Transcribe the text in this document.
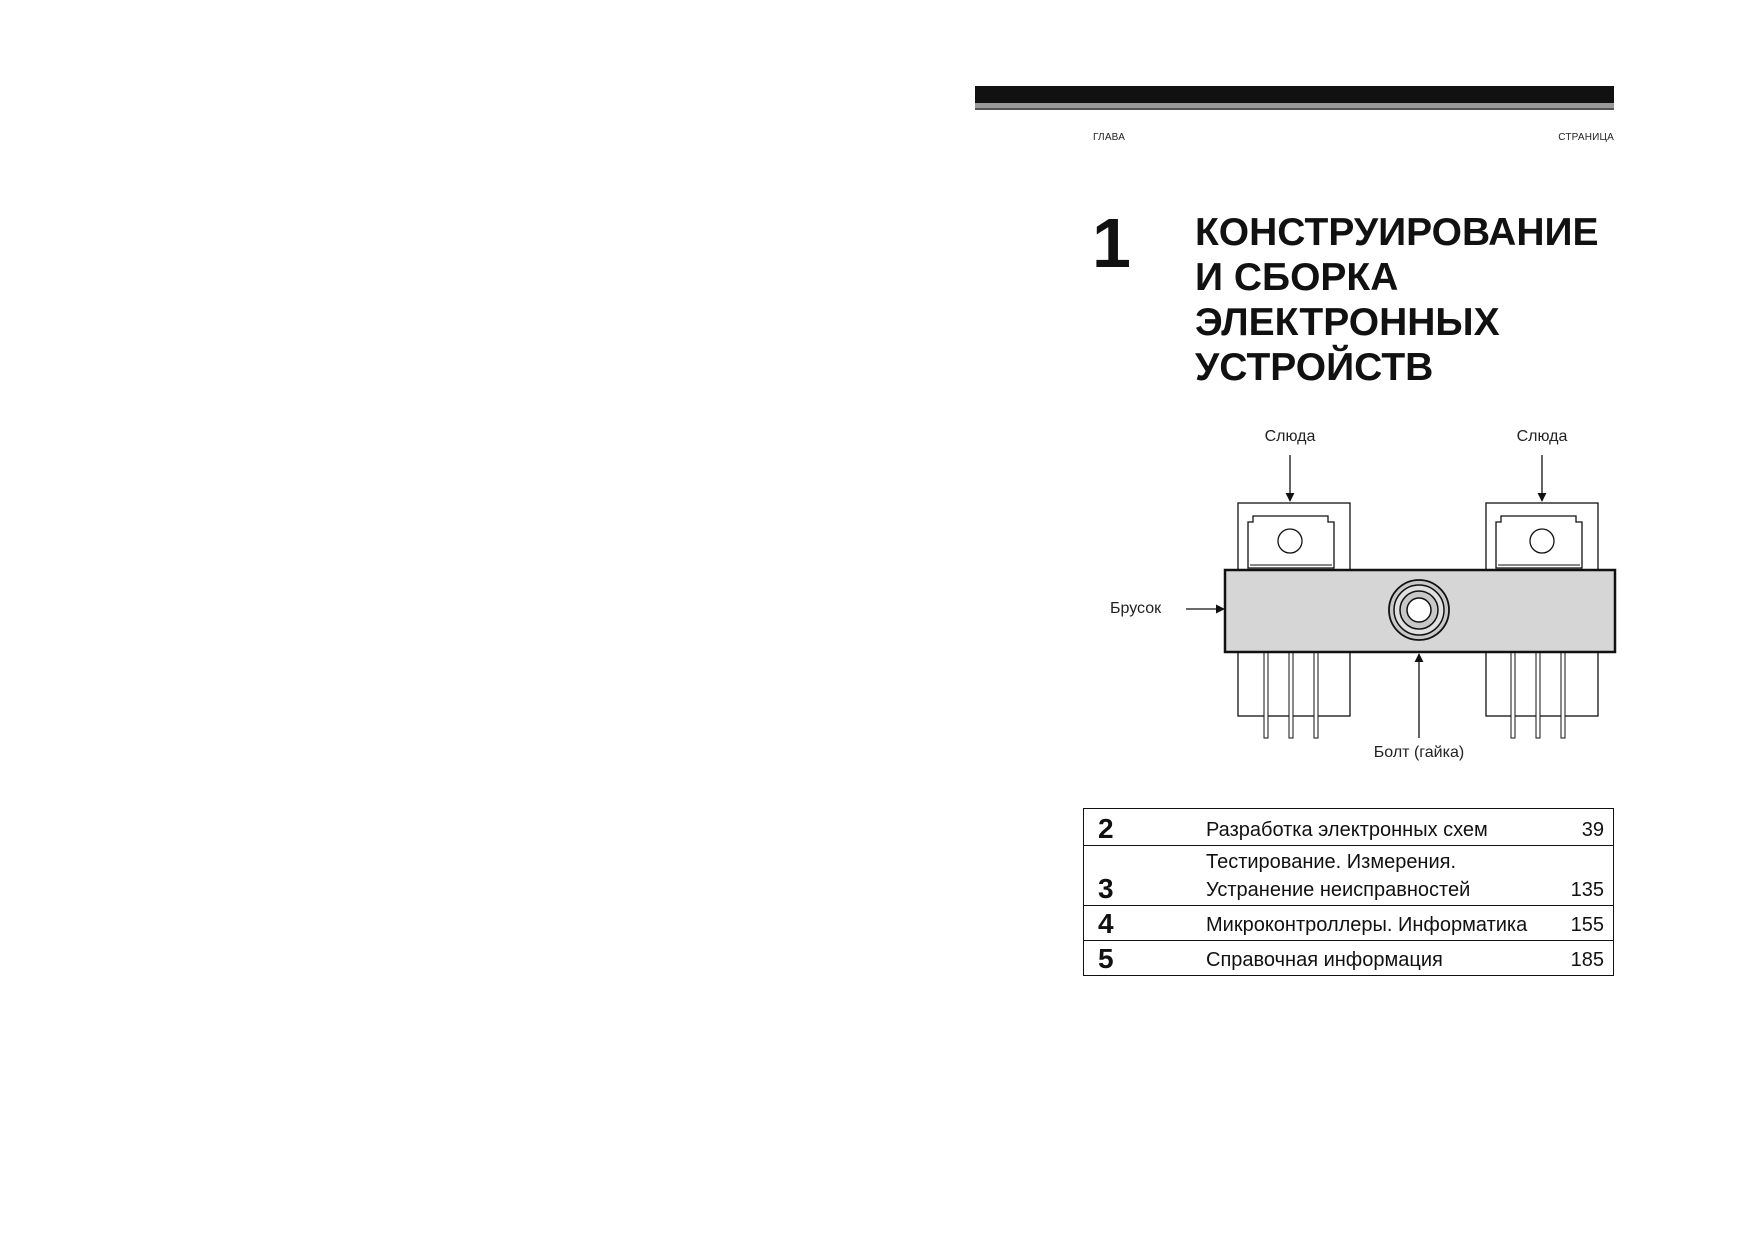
ГЛАВА	СТРАНИЦА
1 КОНСТРУИРОВАНИЕ
И СБОРКА
ЭЛЕКТРОННЫХ
УСТРОЙСТВ
Слюда	Слюда
Брусок
Болт (гайка)
2	Разработка электронных схем	39
3	Тестирование. Измерения.
Устранение неисправностей	135
4	Микроконтроллеры. Информатика	155
5	Справочная информация	185
